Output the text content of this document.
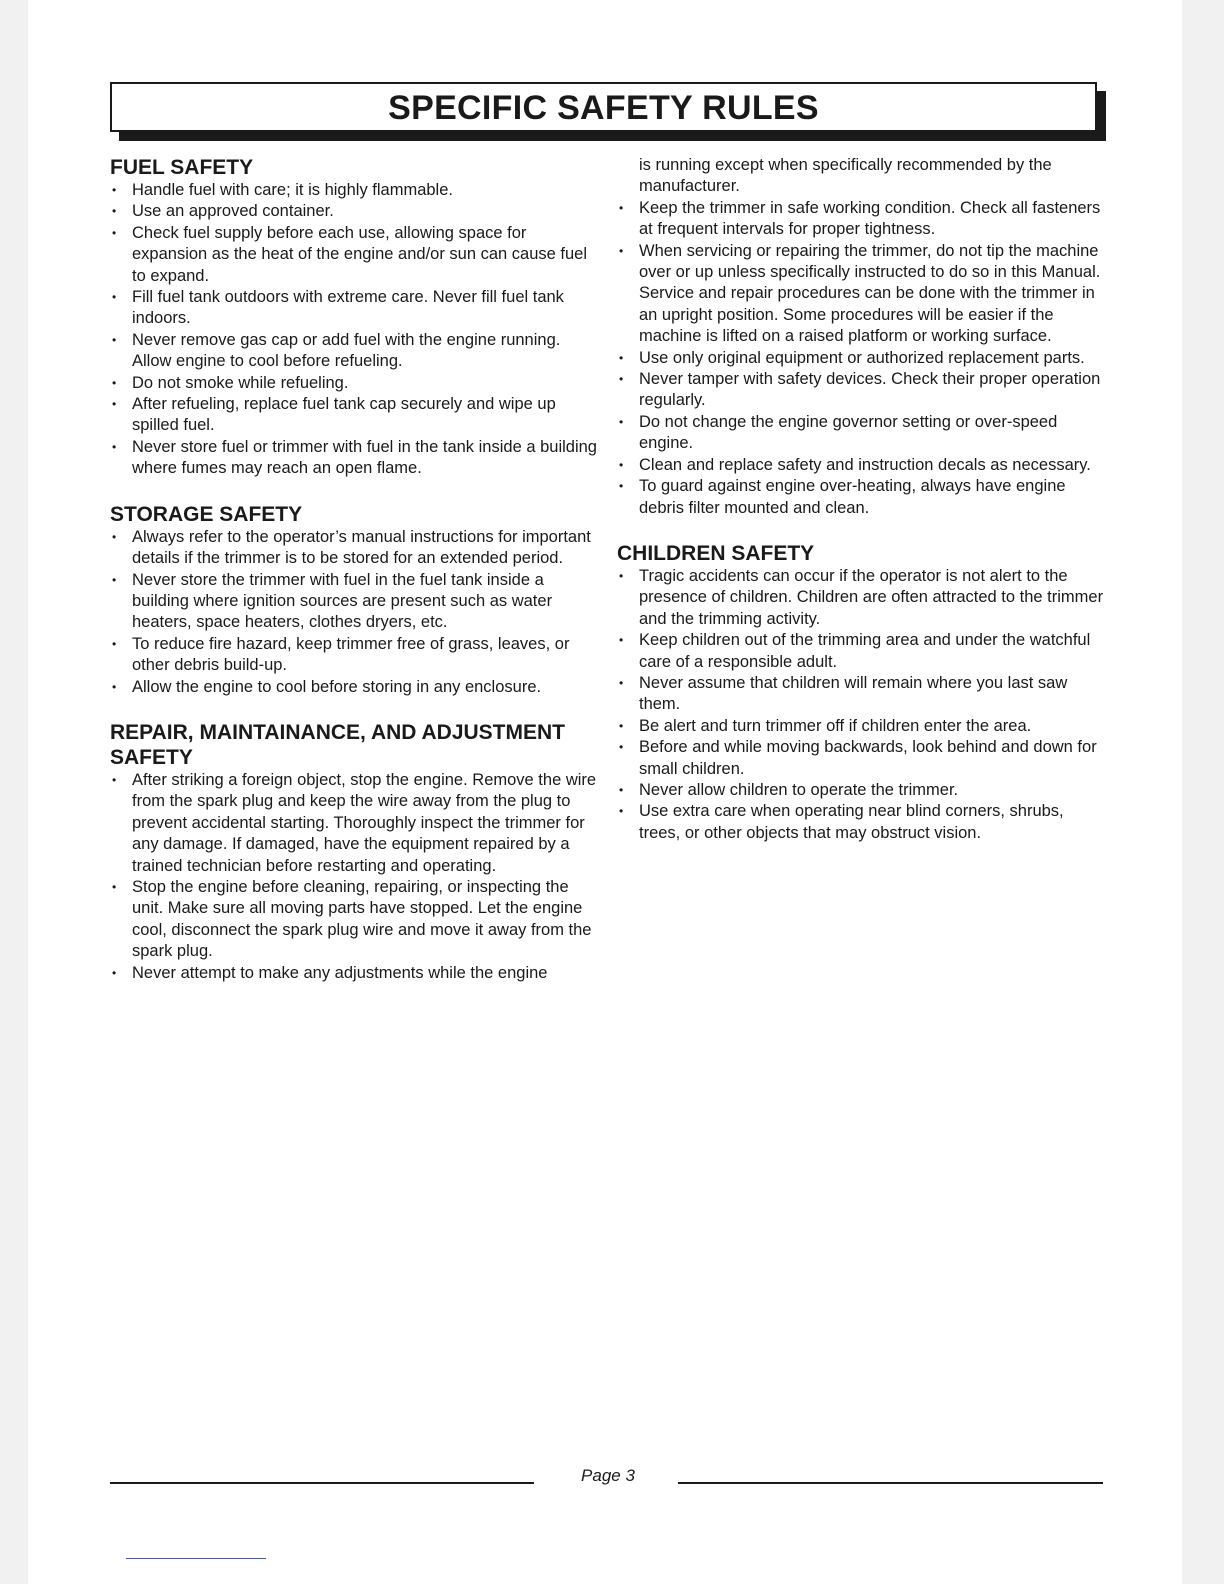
SPECIFIC SAFETY RULES
FUEL SAFETY
• Handle fuel with care; it is highly flammable.
• Use an approved container.
• Check fuel supply before each use, allowing space for expansion as the heat of the engine and/or sun can cause fuel to expand.
• Fill fuel tank outdoors with extreme care. Never fill fuel tank indoors.
• Never remove gas cap or add fuel with the engine running. Allow engine to cool before refueling.
• Do not smoke while refueling.
• After refueling, replace fuel tank cap securely and wipe up spilled fuel.
• Never store fuel or trimmer with fuel in the tank inside a building where fumes may reach an open flame.
STORAGE SAFETY
• Always refer to the operator’s manual instructions for important details if the trimmer is to be stored for an extended period.
• Never store the trimmer with fuel in the fuel tank inside a building where ignition sources are present such as water heaters, space heaters, clothes dryers, etc.
• To reduce fire hazard, keep trimmer free of grass, leaves, or other debris build-up.
• Allow the engine to cool before storing in any enclosure.
REPAIR, MAINTAINANCE, AND ADJUSTMENT SAFETY
• After striking a foreign object, stop the engine. Remove the wire from the spark plug and keep the wire away from the plug to prevent accidental starting. Thoroughly inspect the trimmer for any damage. If damaged, have the equipment repaired by a trained technician before restarting and operating.
• Stop the engine before cleaning, repairing, or inspecting the unit. Make sure all moving parts have stopped. Let the engine cool, disconnect the spark plug wire and move it away from the spark plug.
• Never attempt to make any adjustments while the engine
is running except when specifically recommended by the manufacturer.
• Keep the trimmer in safe working condition. Check all fasteners at frequent intervals for proper tightness.
• When servicing or repairing the trimmer, do not tip the machine over or up unless specifically instructed to do so in this Manual. Service and repair procedures can be done with the trimmer in an upright position. Some procedures will be easier if the machine is lifted on a raised platform or working surface.
• Use only original equipment or authorized replacement parts.
• Never tamper with safety devices. Check their proper operation regularly.
• Do not change the engine governor setting or over-speed engine.
• Clean and replace safety and instruction decals as necessary.
• To guard against engine over-heating, always have engine debris filter mounted and clean.
CHILDREN SAFETY
• Tragic accidents can occur if the operator is not alert to the presence of children. Children are often attracted to the trimmer and the trimming activity.
• Keep children out of the trimming area and under the watchful care of a responsible adult.
• Never assume that children will remain where you last saw them.
• Be alert and turn trimmer off if children enter the area.
• Before and while moving backwards, look behind and down for small children.
• Never allow children to operate the trimmer.
• Use extra care when operating near blind corners, shrubs, trees, or other objects that may obstruct vision.
Page 3
